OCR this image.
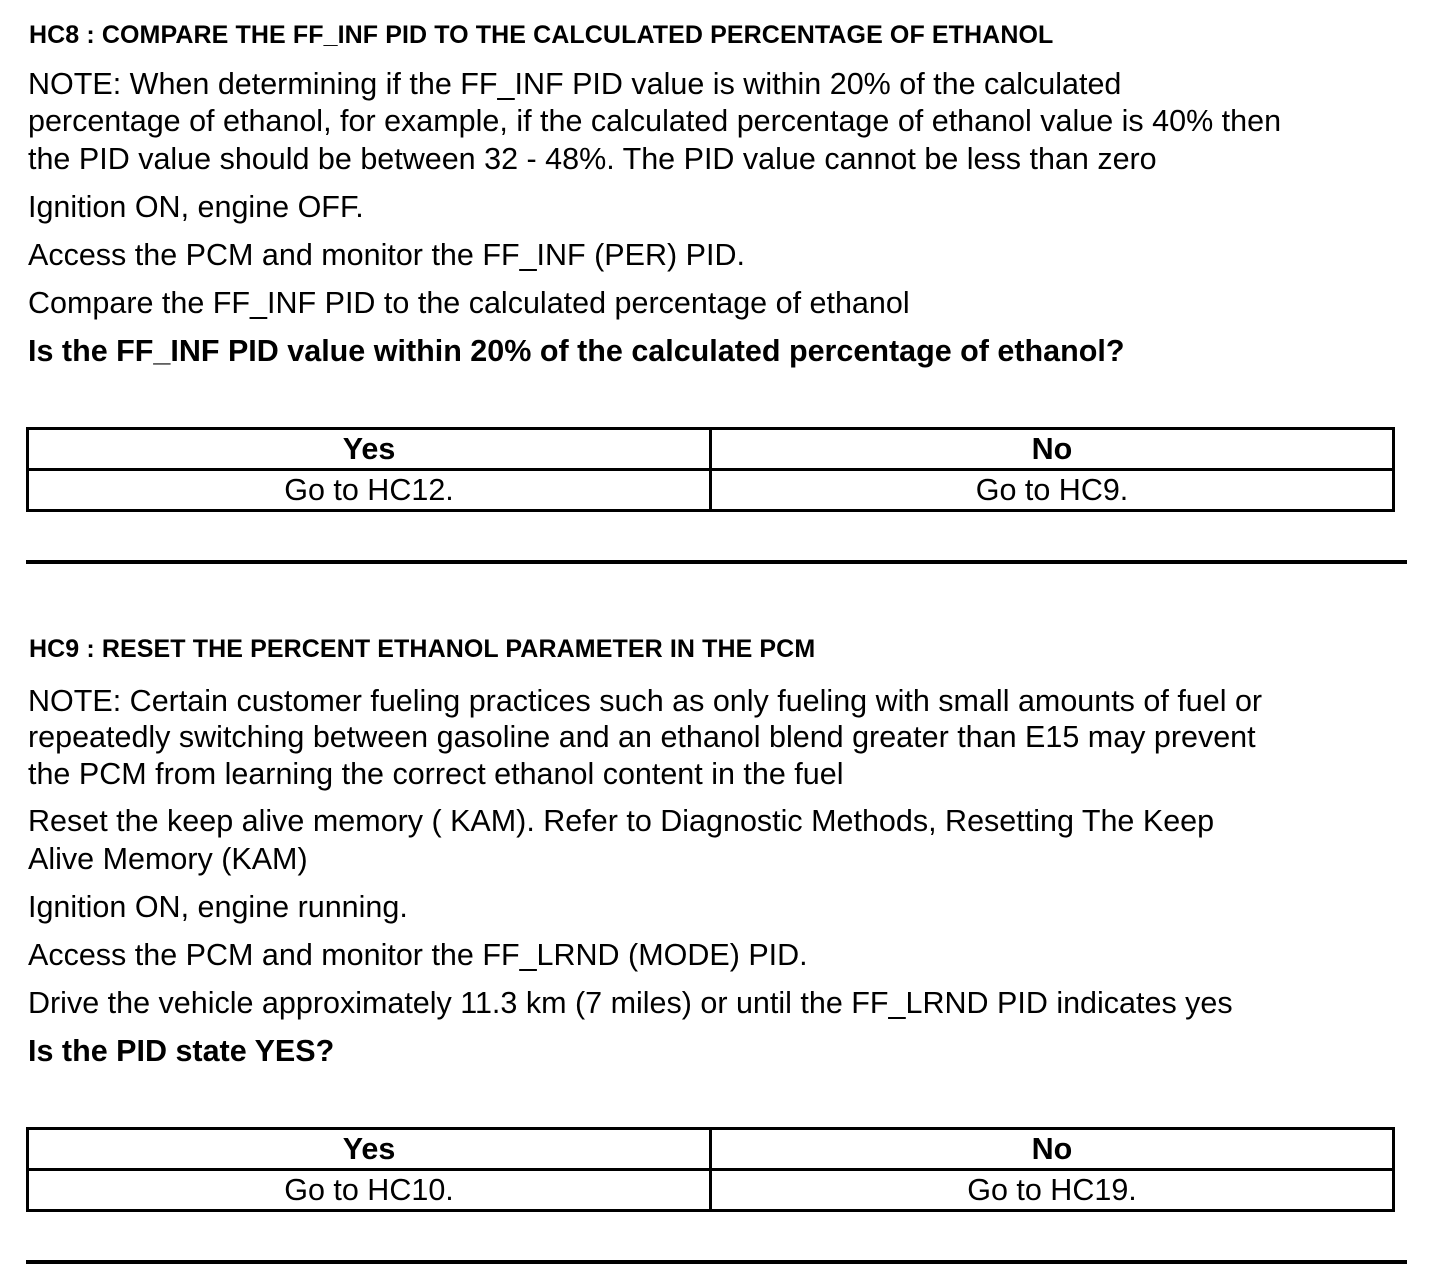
HC8 : COMPARE THE FF_INF PID TO THE CALCULATED PERCENTAGE OF ETHANOL
NOTE: When determining if the FF_INF PID value is within 20% of the calculated
percentage of ethanol, for example, if the calculated percentage of ethanol value is 40% then
the PID value should be between 32 - 48%. The PID value cannot be less than zero
Ignition ON, engine OFF.
Access the PCM and monitor the FF_INF (PER) PID.
Compare the FF_INF PID to the calculated percentage of ethanol
Is the FF_INF PID value within 20% of the calculated percentage of ethanol?
Yes	No
Go to HC12.	Go to HC9.
HC9 : RESET THE PERCENT ETHANOL PARAMETER IN THE PCM
NOTE: Certain customer fueling practices such as only fueling with small amounts of fuel or
repeatedly switching between gasoline and an ethanol blend greater than E15 may prevent
the PCM from learning the correct ethanol content in the fuel
Reset the keep alive memory ( KAM). Refer to Diagnostic Methods, Resetting The Keep
Alive Memory (KAM)
Ignition ON, engine running.
Access the PCM and monitor the FF_LRND (MODE) PID.
Drive the vehicle approximately 11.3 km (7 miles) or until the FF_LRND PID indicates yes
Is the PID state YES?
Yes	No
Go to HC10.	Go to HC19.
